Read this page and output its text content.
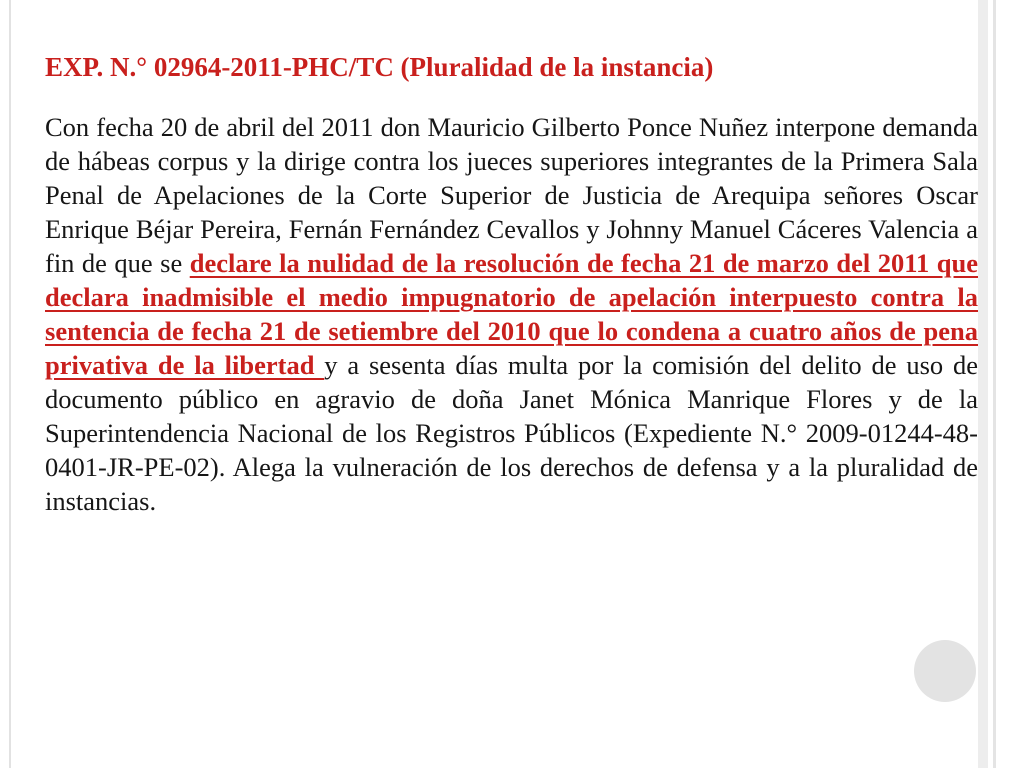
EXP. N.° 02964-2011-PHC/TC (Pluralidad de la instancia)

Con fecha 20 de abril del 2011 don Mauricio Gilberto Ponce Nuñez interpone demanda de hábeas corpus y la dirige contra los jueces superiores integrantes de la Primera Sala Penal de Apelaciones de la Corte Superior de Justicia de Arequipa señores Oscar Enrique Béjar Pereira, Fernán Fernández Cevallos y Johnny Manuel Cáceres Valencia a fin de que se declare la nulidad de la resolución de fecha 21 de marzo del 2011 que declara inadmisible el medio impugnatorio de apelación interpuesto contra la sentencia de fecha 21 de setiembre del 2010 que lo condena a cuatro años de pena privativa de la libertad y a sesenta días multa por la comisión del delito de uso de documento público en agravio de doña Janet Mónica Manrique Flores y de la Superintendencia Nacional de los Registros Públicos (Expediente N.° 2009-01244-48-0401-JR-PE-02). Alega la vulneración de los derechos de defensa y a la pluralidad de instancias.
